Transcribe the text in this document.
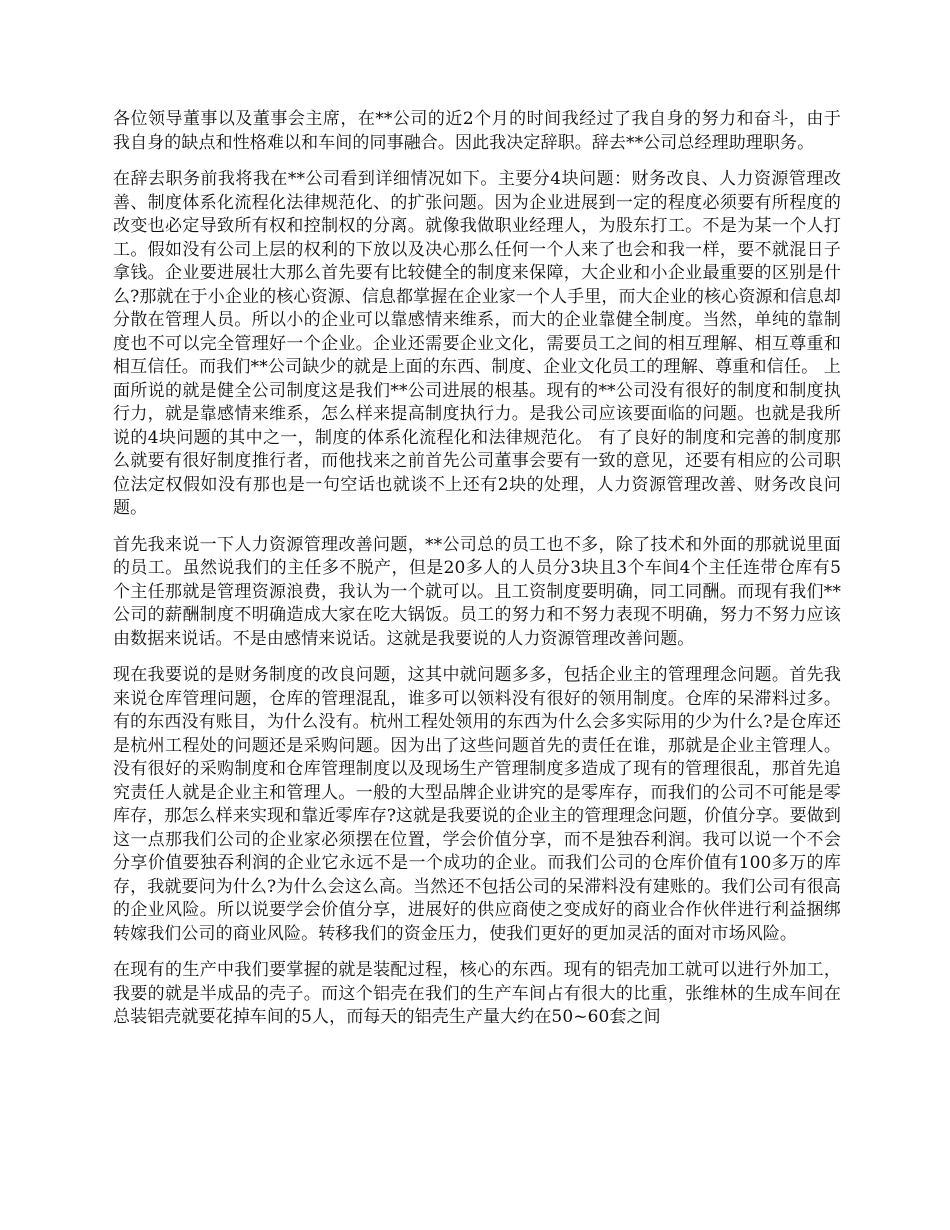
各位领导董事以及董事会主席，在**公司的近2个月的时间我经过了我自身的努力和奋斗，由于我自身的缺点和性格难以和车间的同事融合。因此我决定辞职。辞去**公司总经理助理职务。

在辞去职务前我将我在**公司看到详细情况如下。主要分4块问题：财务改良、人力资源管理改善、制度体系化流程化法律规范化、的扩张问题。因为企业进展到一定的程度必须要有所程度的改变也必定导致所有权和控制权的分离。就像我做职业经理人，为股东打工。不是为某一个人打工。假如没有公司上层的权利的下放以及决心那么任何一个人来了也会和我一样，要不就混日子拿钱。企业要进展壮大那么首先要有比较健全的制度来保障，大企业和小企业最重要的区别是什么?那就在于小企业的核心资源、信息都掌握在企业家一个人手里，而大企业的核心资源和信息却分散在管理人员。所以小的企业可以靠感情来维系，而大的企业靠健全制度。当然，单纯的靠制度也不可以完全管理好一个企业。企业还需要企业文化，需要员工之间的相互理解、相互尊重和相互信任。而我们**公司缺少的就是上面的东西、制度、企业文化员工的理解、尊重和信任。 上面所说的就是健全公司制度这是我们**公司进展的根基。现有的**公司没有很好的制度和制度执行力，就是靠感情来维系，怎么样来提高制度执行力。是我公司应该要面临的问题。也就是我所说的4块问题的其中之一，制度的体系化流程化和法律规范化。 有了良好的制度和完善的制度那么就要有很好制度推行者，而他找来之前首先公司董事会要有一致的意见，还要有相应的公司职位法定权假如没有那也是一句空话也就谈不上还有2块的处理，人力资源管理改善、财务改良问题。

首先我来说一下人力资源管理改善问题，**公司总的员工也不多，除了技术和外面的那就说里面的员工。虽然说我们的主任多不脱产，但是20多人的人员分3块且3个车间4个主任连带仓库有5个主任那就是管理资源浪费，我认为一个就可以。且工资制度要明确，同工同酬。而现有我们**公司的薪酬制度不明确造成大家在吃大锅饭。员工的努力和不努力表现不明确，努力不努力应该由数据来说话。不是由感情来说话。这就是我要说的人力资源管理改善问题。

现在我要说的是财务制度的改良问题，这其中就问题多多，包括企业主的管理理念问题。首先我来说仓库管理问题，仓库的管理混乱，谁多可以领料没有很好的领用制度。仓库的呆滞料过多。有的东西没有账目，为什么没有。杭州工程处领用的东西为什么会多实际用的少为什么?是仓库还是杭州工程处的问题还是采购问题。因为出了这些问题首先的责任在谁，那就是企业主管理人。没有很好的采购制度和仓库管理制度以及现场生产管理制度多造成了现有的管理很乱，那首先追究责任人就是企业主和管理人。一般的大型品牌企业讲究的是零库存，而我们的公司不可能是零库存，那怎么样来实现和靠近零库存?这就是我要说的企业主的管理理念问题，价值分享。要做到这一点那我们公司的企业家必须摆在位置，学会价值分享，而不是独吞利润。我可以说一个不会分享价值要独吞利润的企业它永远不是一个成功的企业。而我们公司的仓库价值有100多万的库存，我就要问为什么?为什么会这么高。当然还不包括公司的呆滞料没有建账的。我们公司有很高的企业风险。所以说要学会价值分享，进展好的供应商使之变成好的商业合作伙伴进行利益捆绑转嫁我们公司的商业风险。转移我们的资金压力，使我们更好的更加灵活的面对市场风险。

在现有的生产中我们要掌握的就是装配过程，核心的东西。现有的铝壳加工就可以进行外加工，我要的就是半成品的壳子。而这个铝壳在我们的生产车间占有很大的比重，张维林的生成车间在总装铝壳就要花掉车间的5人，而每天的铝壳生产量大约在50~60套之间
